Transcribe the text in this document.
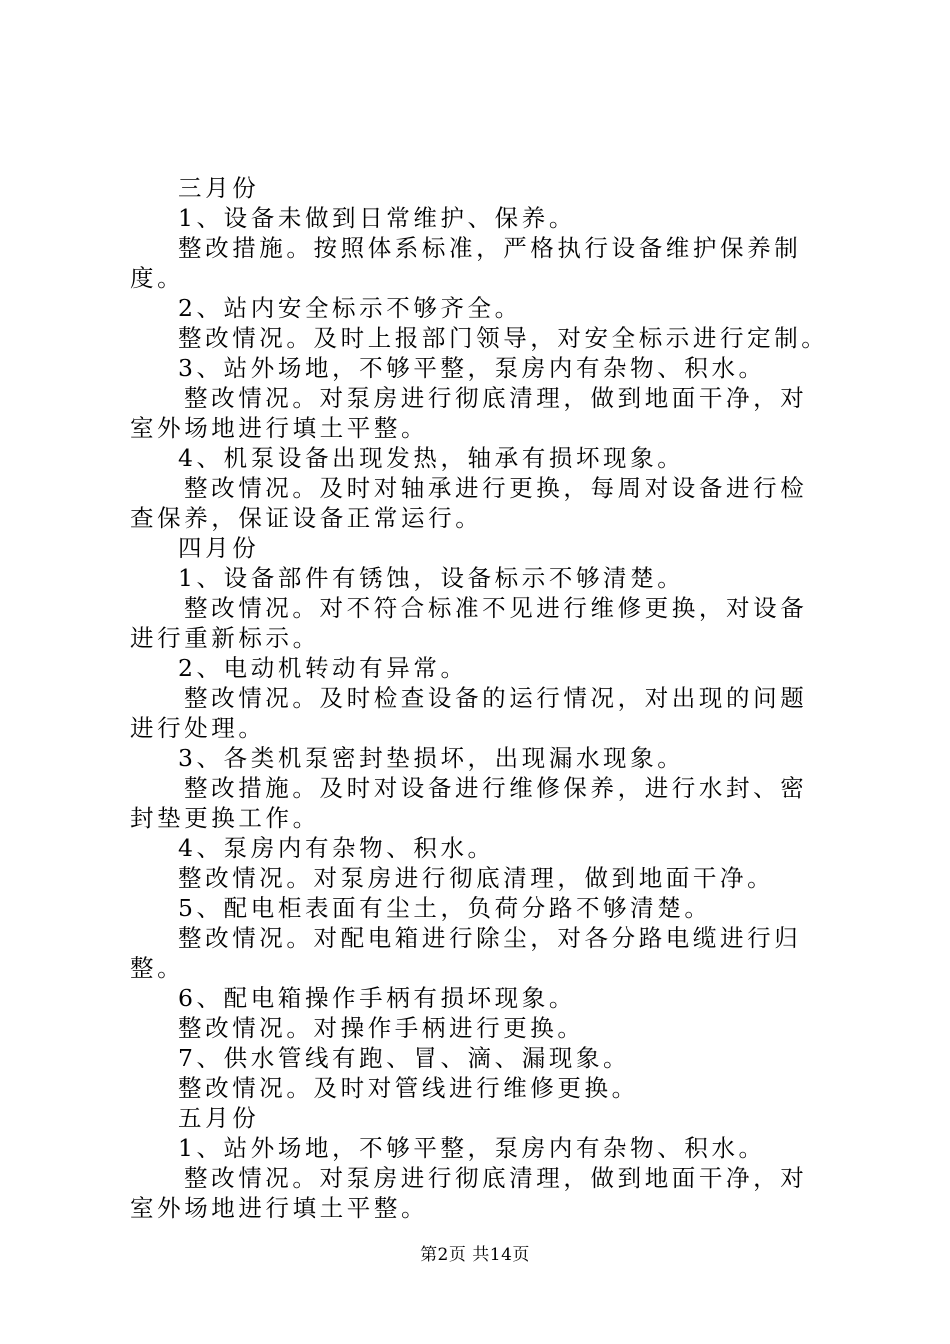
三月份

1、设备未做到日常维护、保养。

整改措施。按照体系标准，严格执行设备维护保养制度。

2、站内安全标示不够齐全。

整改情况。及时上报部门领导，对安全标示进行定制。

3、站外场地，不够平整，泵房内有杂物、积水。

整改情况。对泵房进行彻底清理，做到地面干净，对室外场地进行填土平整。

4、机泵设备出现发热，轴承有损坏现象。

整改情况。及时对轴承进行更换，每周对设备进行检查保养，保证设备正常运行。

四月份

1、设备部件有锈蚀，设备标示不够清楚。

整改情况。对不符合标准不见进行维修更换，对设备进行重新标示。

2、电动机转动有异常。

整改情况。及时检查设备的运行情况，对出现的问题进行处理。

3、各类机泵密封垫损坏，出现漏水现象。

整改措施。及时对设备进行维修保养，进行水封、密封垫更换工作。

4、泵房内有杂物、积水。

整改情况。对泵房进行彻底清理，做到地面干净。

5、配电柜表面有尘土，负荷分路不够清楚。

整改情况。对配电箱进行除尘，对各分路电缆进行归整。

6、配电箱操作手柄有损坏现象。

整改情况。对操作手柄进行更换。

7、供水管线有跑、冒、滴、漏现象。

整改情况。及时对管线进行维修更换。

五月份

1、站外场地，不够平整，泵房内有杂物、积水。

整改情况。对泵房进行彻底清理，做到地面干净，对室外场地进行填土平整。

第2页 共14页
